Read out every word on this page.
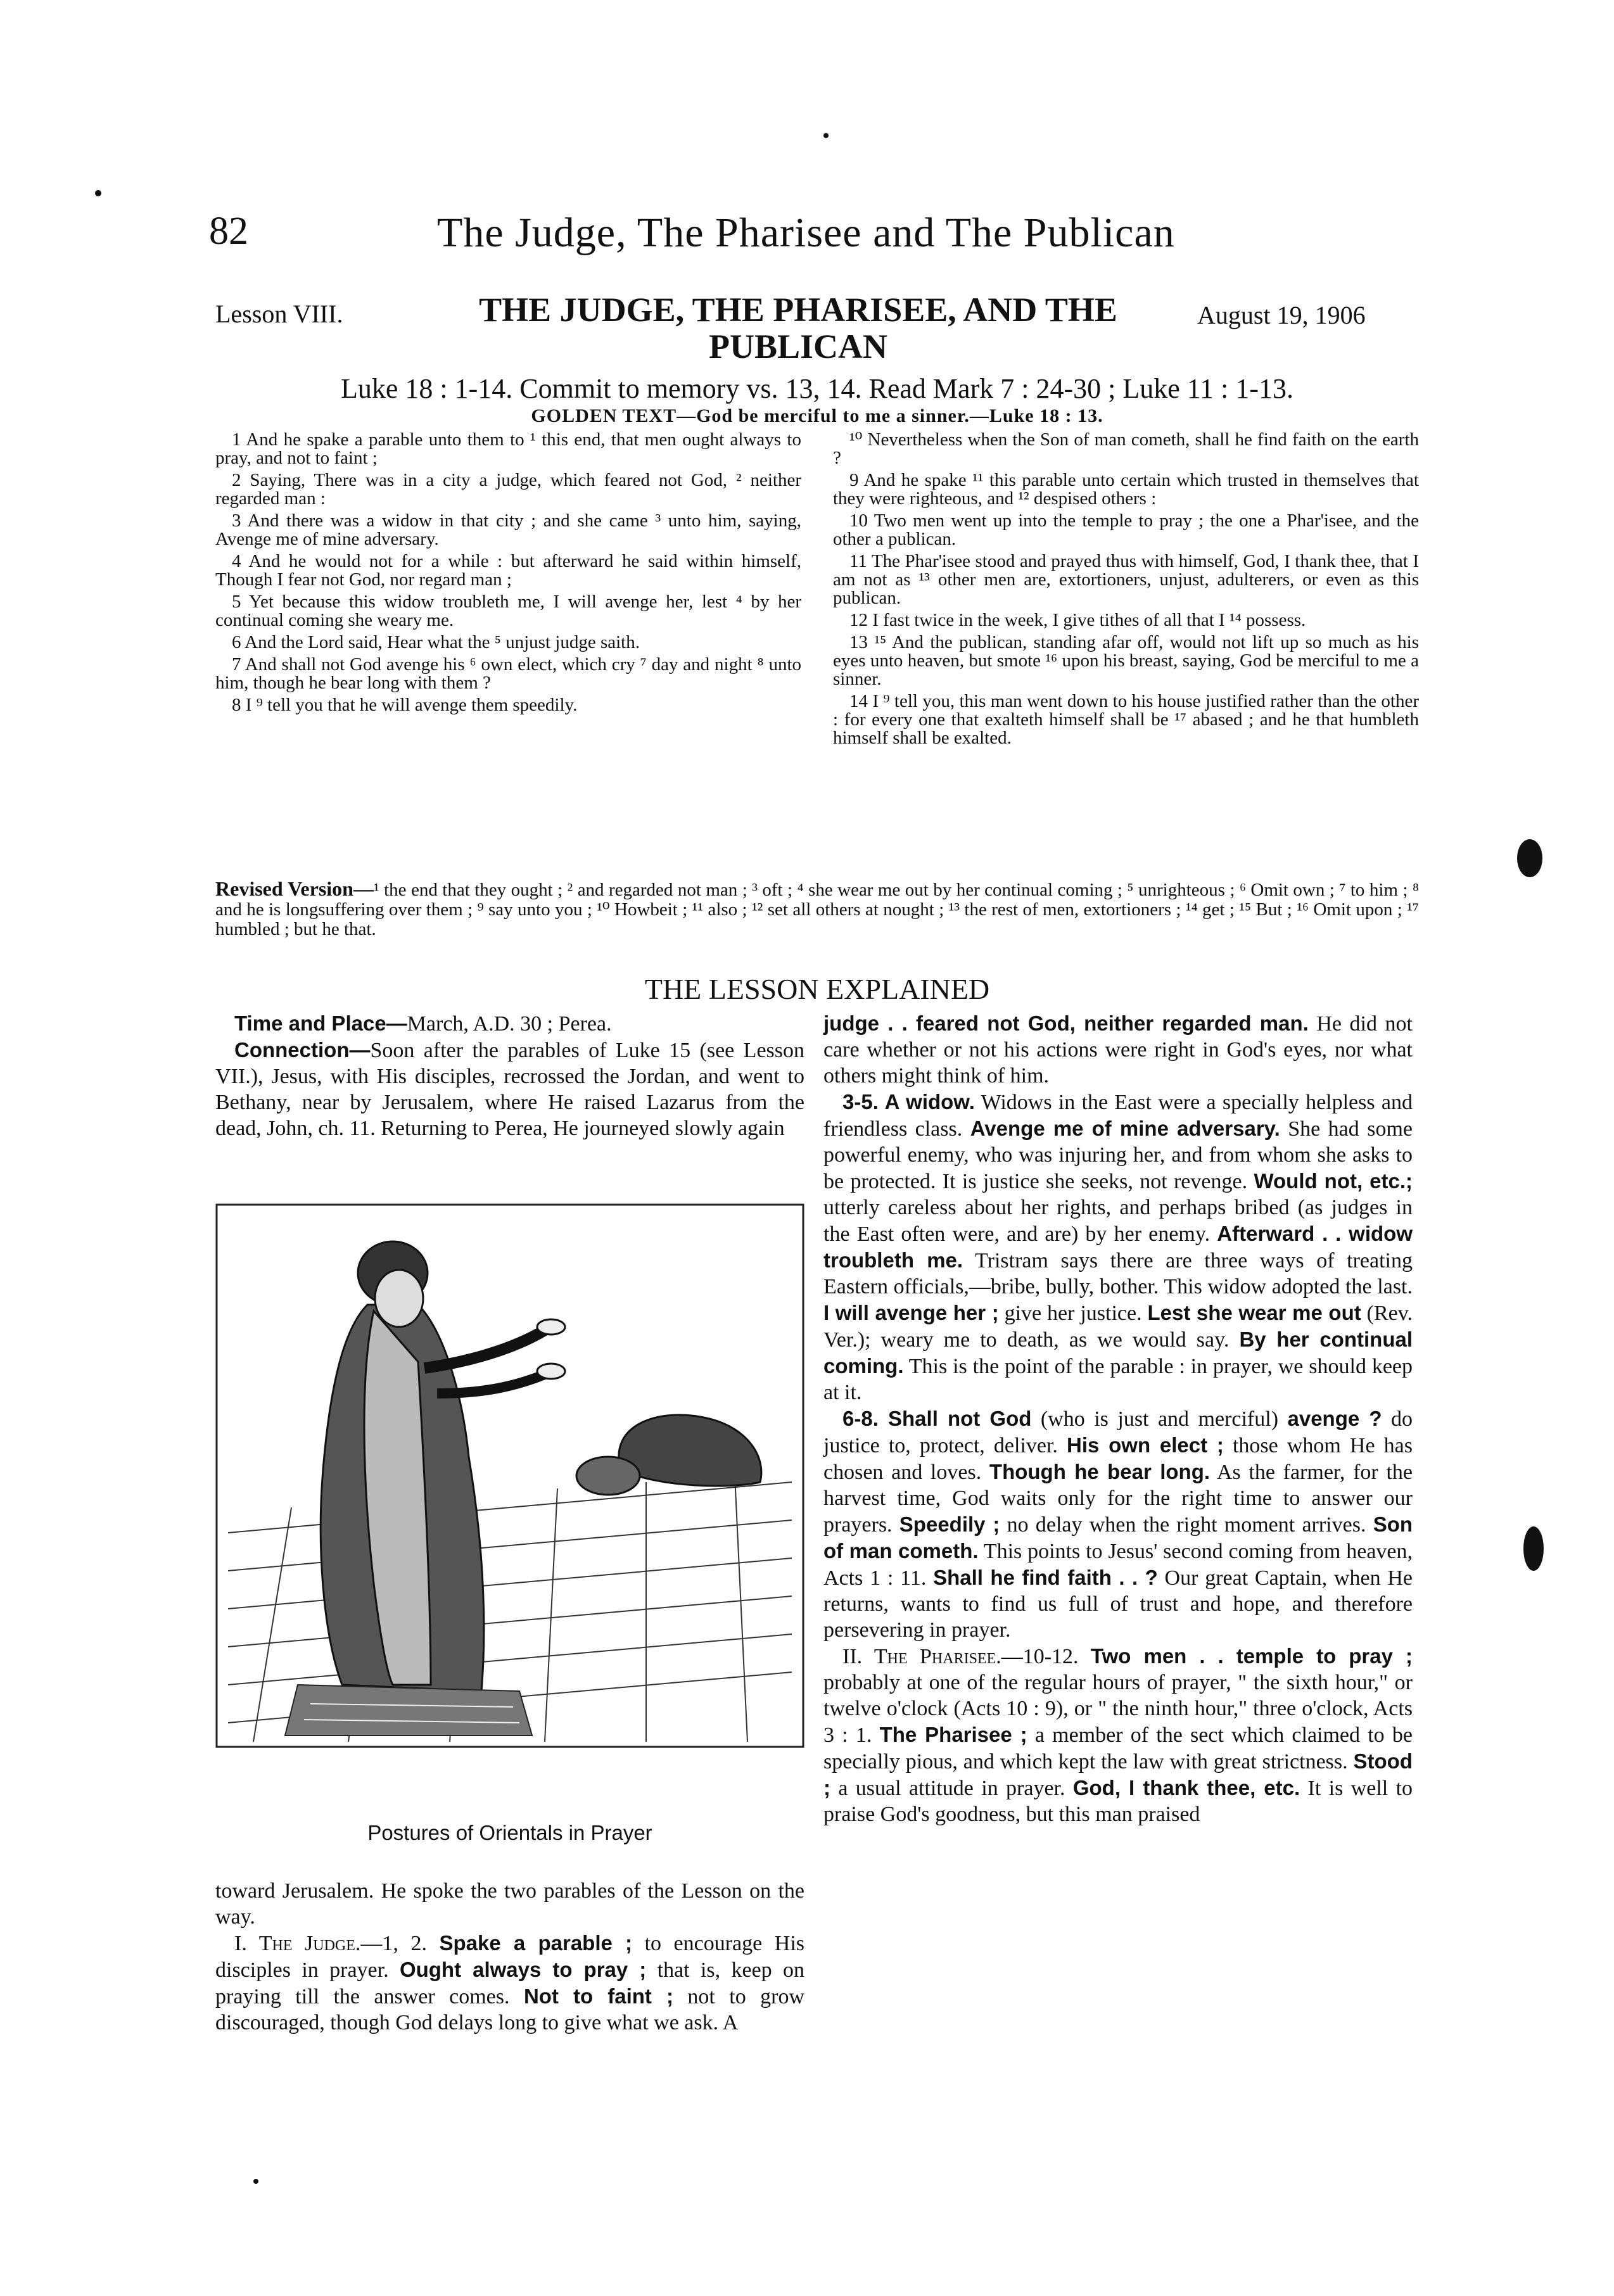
82	The Judge, The Pharisee and The Publican
Lesson VIII.	THE JUDGE, THE PHARISEE, AND THE PUBLICAN
August 19, 1906
Luke 18 : 1-14. Commit to memory vs. 13, 14. Read Mark 7 : 24-30 ; Luke 11 : 1-13.
GOLDEN TEXT—God be merciful to me a sinner.—Luke 18 : 13.

1 And he spake a parable unto them to ¹ this end, that men ought always to pray, and not to faint ;

2 Saying, There was in a city a judge, which feared not God, ² neither regarded man :

3 And there was a widow in that city ; and she came ³ unto him, saying, Avenge me of mine adversary.

4 And he would not for a while : but afterward he said within himself, Though I fear not God, nor regard man ;

5 Yet because this widow troubleth me, I will avenge her, lest ⁴ by her continual coming she weary me.

6 And the Lord said, Hear what the ⁵ unjust judge saith.

7 And shall not God avenge his ⁶ own elect, which cry ⁷ day and night ⁸ unto him, though he bear long with them ?

8 I ⁹ tell you that he will avenge them speedily.

¹⁰ Nevertheless when the Son of man cometh, shall he find faith on the earth ?

9 And he spake ¹¹ this parable unto certain which trusted in themselves that they were righteous, and ¹² despised others :

10 Two men went up into the temple to pray ; the one a Phar'isee, and the other a publican.

11 The Phar'isee stood and prayed thus with himself, God, I thank thee, that I am not as ¹³ other men are, extortioners, unjust, adulterers, or even as this publican.

12 I fast twice in the week, I give tithes of all that I ¹⁴ possess.

13 ¹⁵ And the publican, standing afar off, would not lift up so much as his eyes unto heaven, but smote ¹⁶ upon his breast, saying, God be merciful to me a sinner.

14 I ⁹ tell you, this man went down to his house justified rather than the other : for every one that exalteth himself shall be ¹⁷ abased ; and he that humbleth himself shall be exalted.

Revised Version—¹ the end that they ought ; ² and regarded not man ; ³ oft ; ⁴ she wear me out by her continual coming ; ⁵ unrighteous ; ⁶ Omit own ; ⁷ to him ; ⁸ and he is longsuffering over them ; ⁹ say unto you ; ¹⁰ Howbeit ; ¹¹ also ; ¹² set all others at nought ; ¹³ the rest of men, extortioners ; ¹⁴ get ; ¹⁵ But ; ¹⁶ Omit upon ; ¹⁷ humbled ; but he that.
THE LESSON EXPLAINED

Time and Place—March, A.D. 30 ; Perea.

Connection—Soon after the parables of Luke 15 (see Lesson VII.), Jesus, with His disciples, recrossed the Jordan, and went to Bethany, near by Jerusalem, where He raised Lazarus from the dead, John, ch. 11. Returning to Perea, He journeyed slowly again

Postures of Orientals in Prayer

toward Jerusalem. He spoke the two parables of the Lesson on the way.

I. The Judge.—1, 2. Spake a parable ; to encourage His disciples in prayer. Ought always to pray ; that is, keep on praying till the answer comes. Not to faint ; not to grow discouraged, though God delays long to give what we ask. A

judge . . feared not God, neither regarded man. He did not care whether or not his actions were right in God's eyes, nor what others might think of him.

3-5. A widow. Widows in the East were a specially helpless and friendless class. Avenge me of mine adversary. She had some powerful enemy, who was injuring her, and from whom she asks to be protected. It is justice she seeks, not revenge. Would not, etc.; utterly careless about her rights, and perhaps bribed (as judges in the East often were, and are) by her enemy. Afterward . . widow troubleth me. Tristram says there are three ways of treating Eastern officials,—bribe, bully, bother. This widow adopted the last. I will avenge her ; give her justice. Lest she wear me out (Rev. Ver.); weary me to death, as we would say. By her continual coming. This is the point of the parable : in prayer, we should keep at it.

6-8. Shall not God (who is just and merciful) avenge ? do justice to, protect, deliver. His own elect ; those whom He has chosen and loves. Though he bear long. As the farmer, for the harvest time, God waits only for the right time to answer our prayers. Speedily ; no delay when the right moment arrives. Son of man cometh. This points to Jesus' second coming from heaven, Acts 1 : 11. Shall he find faith . . ? Our great Captain, when He returns, wants to find us full of trust and hope, and therefore persevering in prayer.

II. The Pharisee.—10-12. Two men . . temple to pray ; probably at one of the regular hours of prayer, " the sixth hour," or twelve o'clock (Acts 10 : 9), or " the ninth hour," three o'clock, Acts 3 : 1. The Pharisee ; a member of the sect which claimed to be specially pious, and which kept the law with great strictness. Stood ; a usual attitude in prayer. God, I thank thee, etc. It is well to praise God's goodness, but this man praised
